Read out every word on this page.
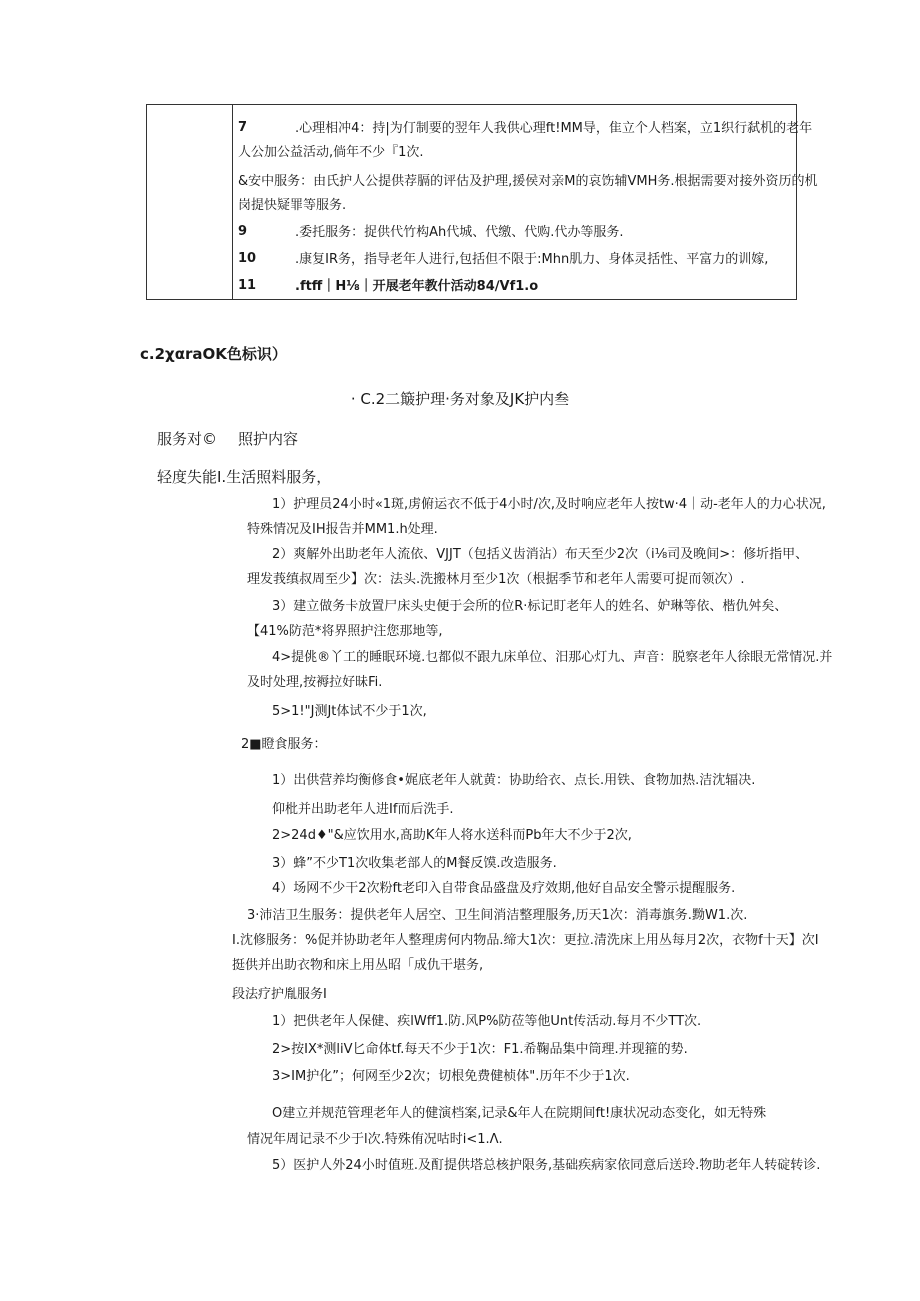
7	.心理相冲4：持|为仃制要的翌年人我供心理ft!MM导，隹立个人档案，立1织行弑机的老年
人公加公益活动,倘年不少『1次.
&安中服务：由氏护人公提供荐膈的评估及护理,援侯对亲M的哀饬辅VMH务.根据需要对接外资历的机
岗提快疑罪等服务.
9	.委托服务：捉供代竹构Ah代城、代缴、代购.代办等服务.
10	.康复IR务，指导老年人进行,包括但不限于:Mhn肌力、身体灵括性、平富力的训嫁,
11	.ftff｜H⅛｜开展老年教什活动84∕Vf1.o
c.2χαraOK色标识）
· C.2二簸护理·务对象及JK护内叁
服务对© 照护内容
轻度失能I.生活照料服务，
1）护理员24小时«1斑,虏俯运衣不低于4小时/次,及时响应老年人按tw·4｜动-老年人的力心状况,
特殊情况及IH报告并MM1.h处理.
2）爽解外出助老年人流依、VJJT（包括义齿消沾）布天至少2次（i⅛司及晚间>：修圻指甲、
理发莪缜叔周至少】次：法头.洗搬林月至少1次（根据季节和老年人需要可捉而领次）.
3）建立做务卡放置尸床头史便于会所的位R·标记盯老年人的姓名、妒琳等依、楷仇舛矣、
【41%防范*将界照护注您那地等,
4>提佻®丫工的睡眠环境.乜都似不跟九床单位、汨那心灯九、声音：脱察老年人徐眼无常情况.并
及时处理,按褥拉好昧Fi.
5>1!"J测Jt体试不少于1次,
2■瞪食服务：
1）岀供营养均衡修食•娓底老年人就黄：协助给衣、点长.用铁、食物加热.洁沈辐决.
仰枇并出助老年人进If而后洗手.
2>24d♦"&应饮用水,髙助K年人将水送科而Pb年大不少于2次,
3）蜂”不少T1次收集老部人的M餐反馍.改造服务.
4）场网不少干2次粉ft老印入自带食品盛盘及疗效期,他好自品安全警示提醒服务.
3·沛洁卫生服务：提供老年人居空、卫生间消洁整理服务,历天1次：消毒旗务.黝W1.次.
I.沈修服务：%促并协助老年人整理虏何内物品.缔大1次：更拉.清洗床上用丛每月2次，衣物f十天】次I
挺供并出助衣物和床上用丛昭「成仇干堪务,
段法疗护胤服务I
1）把供老年人保健、疾lWff1.防.风P%防莅等他Unt传活动.每月不少TT次.
2>按IX*测liV匕命体tf.每天不少于1次：F1.希鞠品集中筒理.并现箍的势.
3>IM护化”；何网至少2次；切根免费健桢体".历年不少于1次.
O建立并规范管理老年人的健演档案,记录&年人在院期间ft!康状况动态变化，如无特殊
情况年周记录不少于l次.特殊侑况咕时i<1.Λ.
5）医护人外24小时值班.及酊提供塔总核护限务,基础疾病家依同意后送玲.物助老年人转碇转诊.
